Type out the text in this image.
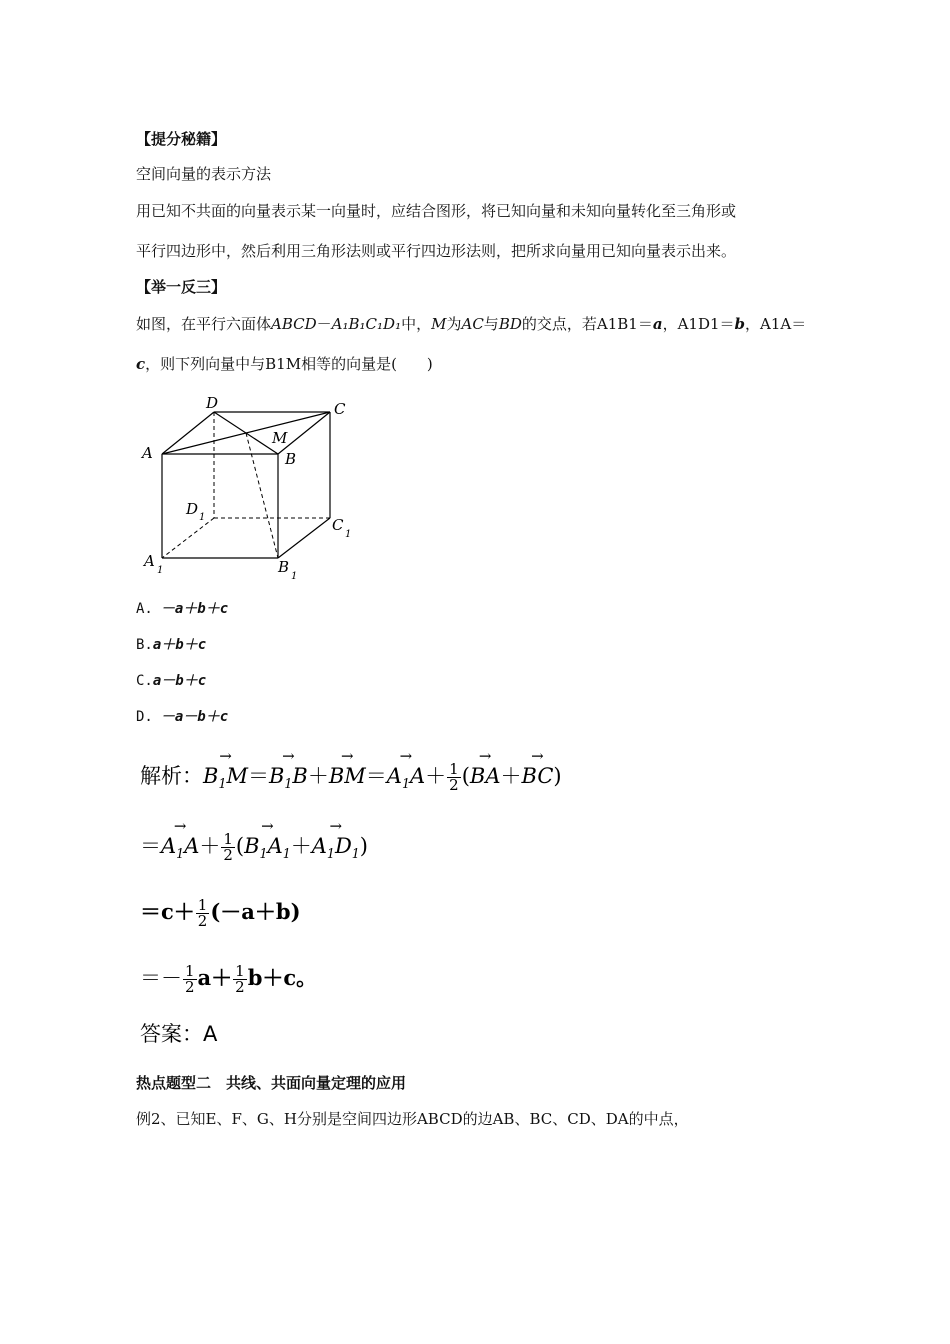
【提分秘籍】
空间向量的表示方法
用已知不共面的向量表示某一向量时，应结合图形，将已知向量和未知向量转化至三角形或
平行四边形中，然后利用三角形法则或平行四边形法则，把所求向量用已知向量表示出来。
【举一反三】
如图，在平行六面体ABCD－A₁B₁C₁D₁中，M为AC与BD的交点，若A1B1＝a，A1D1＝b，A1A＝
c，则下列向量中与B1M相等的向量是(　　)
D	C
A	B
M
D 1	C
1
A
1	B
1
A. －a＋b＋c
B.a＋b＋c
C.a－b＋c
D. －a－b＋c
解析：→ $B_1M=\to B_1B+\to BM=\to A_1A+ \frac{1}{2}$ (→ BA＋→ BC)
＝→ $A_1A+ \frac{1}{2}$ (→ $B_1A_1+\to A_1D_1$)
$=c+ \frac{1}{2} (-a+b)$
＝－ $\frac{1}{2} a+ \frac{1}{2} b+c$。
答案：A
热点题型二　共线、共面向量定理的应用
例2、已知E、F、G、H分别是空间四边形ABCD的边AB、BC、CD、DA的中点，
